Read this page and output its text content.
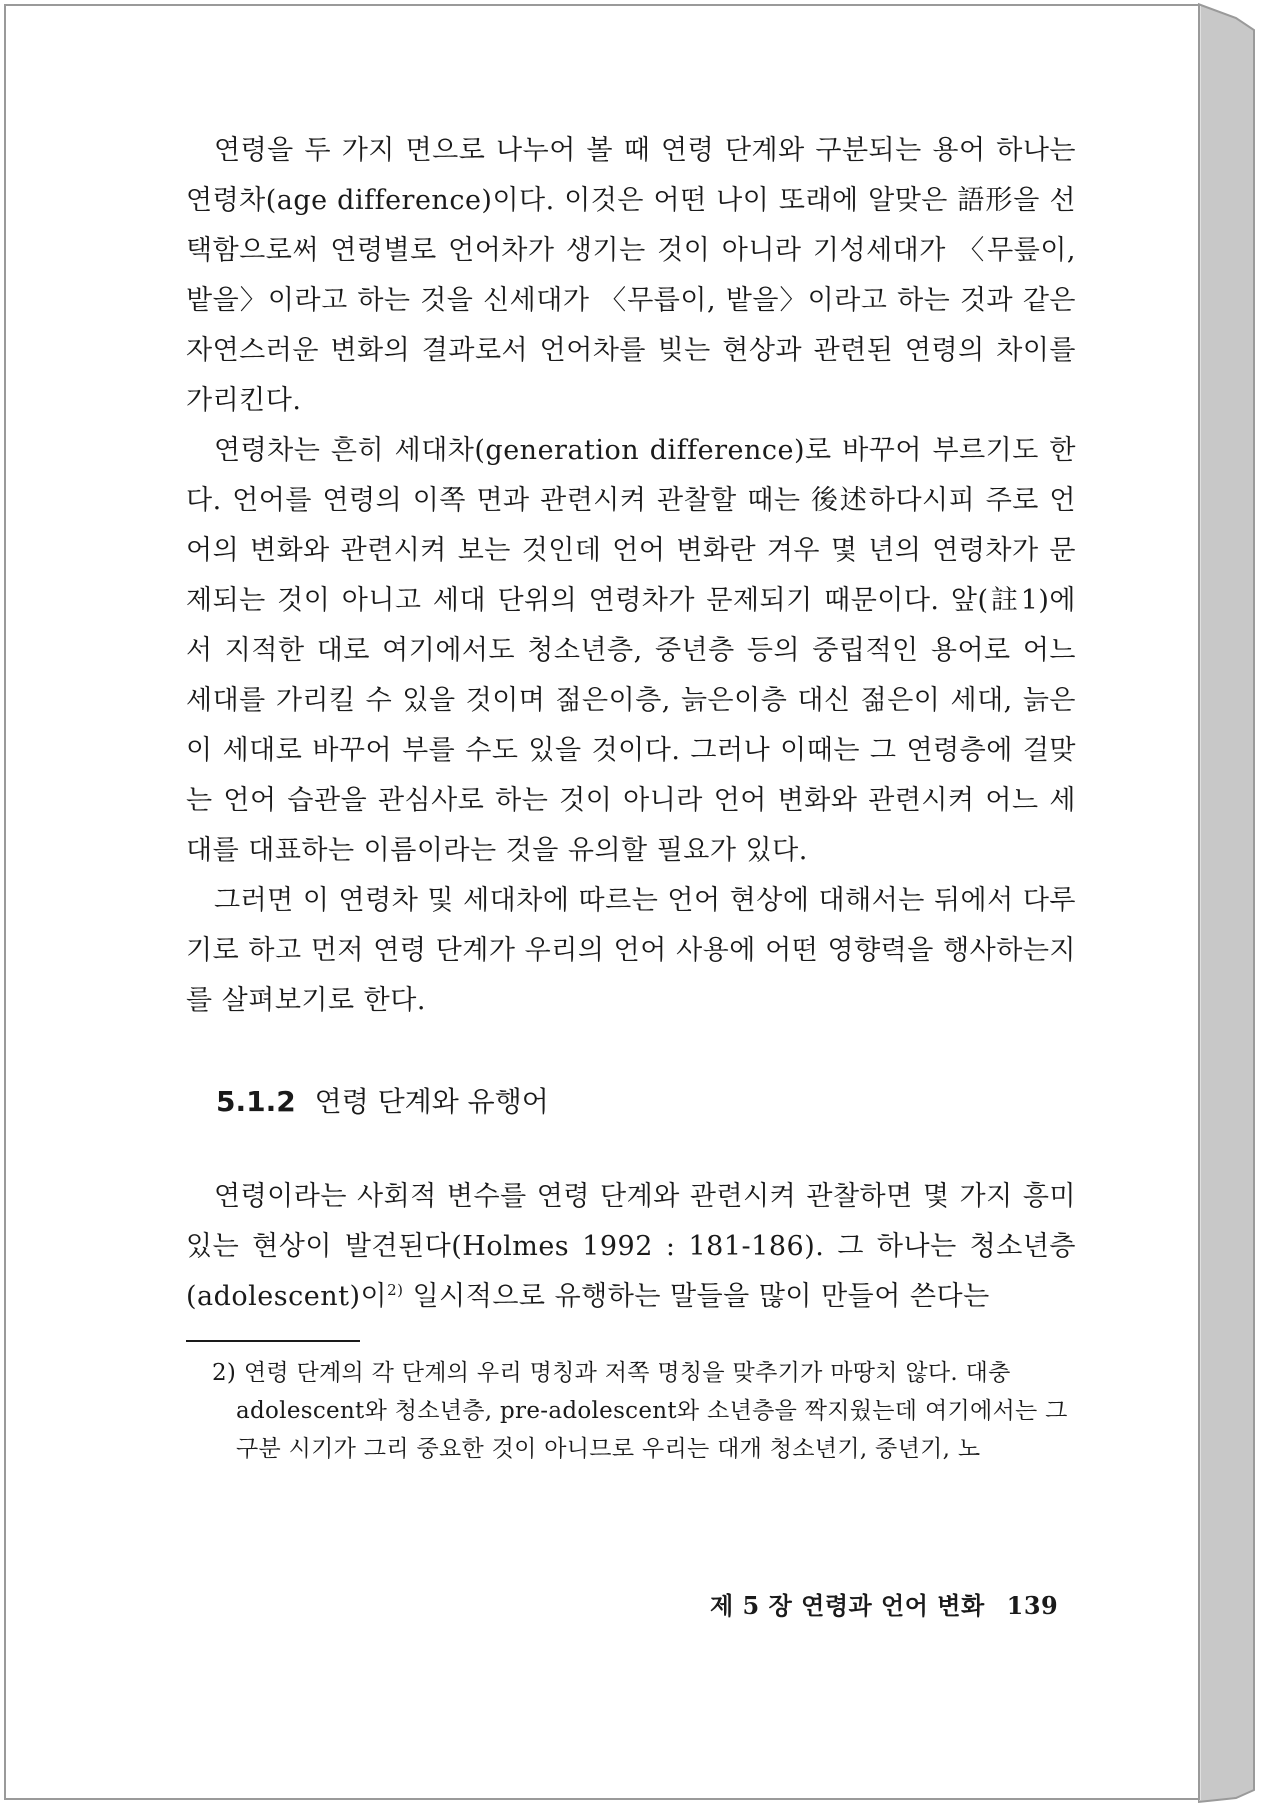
연령을 두 가지 면으로 나누어 볼 때 연령 단계와 구분되는 용어 하나는 연령차(age difference)이다. 이것은 어떤 나이 또래에 알맞은 語形을 선택함으로써 연령별로 언어차가 생기는 것이 아니라 기성세대가 〈무릎이, 밭을〉이라고 하는 것을 신세대가 〈무릅이, 밭을〉이라고 하는 것과 같은 자연스러운 변화의 결과로서 언어차를 빚는 현상과 관련된 연령의 차이를 가리킨다.

연령차는 흔히 세대차(generation difference)로 바꾸어 부르기도 한다. 언어를 연령의 이쪽 면과 관련시켜 관찰할 때는 後述하다시피 주로 언어의 변화와 관련시켜 보는 것인데 언어 변화란 겨우 몇 년의 연령차가 문제되는 것이 아니고 세대 단위의 연령차가 문제되기 때문이다. 앞(註1)에서 지적한 대로 여기에서도 청소년층, 중년층 등의 중립적인 용어로 어느 세대를 가리킬 수 있을 것이며 젊은이층, 늙은이층 대신 젊은이 세대, 늙은이 세대로 바꾸어 부를 수도 있을 것이다. 그러나 이때는 그 연령층에 걸맞는 언어 습관을 관심사로 하는 것이 아니라 언어 변화와 관련시켜 어느 세대를 대표하는 이름이라는 것을 유의할 필요가 있다.

그러면 이 연령차 및 세대차에 따르는 언어 현상에 대해서는 뒤에서 다루기로 하고 먼저 연령 단계가 우리의 언어 사용에 어떤 영향력을 행사하는지를 살펴보기로 한다.

5.1.2 연령 단계와 유행어

연령이라는 사회적 변수를 연령 단계와 관련시켜 관찰하면 몇 가지 흥미있는 현상이 발견된다(Holmes 1992 : 181-186). 그 하나는 청소년층(adolescent)이$^{2)}$ 일시적으로 유행하는 말들을 많이 만들어 쓴다는

2) 연령 단계의 각 단계의 우리 명칭과 저쪽 명칭을 맞추기가 마땅치 않다. 대충 adolescent와 청소년층, pre-adolescent와 소년층을 짝지웠는데 여기에서는 그 구분 시기가 그리 중요한 것이 아니므로 우리는 대개 청소년기, 중년기, 노

제 5 장 연령과 언어 변화 139
